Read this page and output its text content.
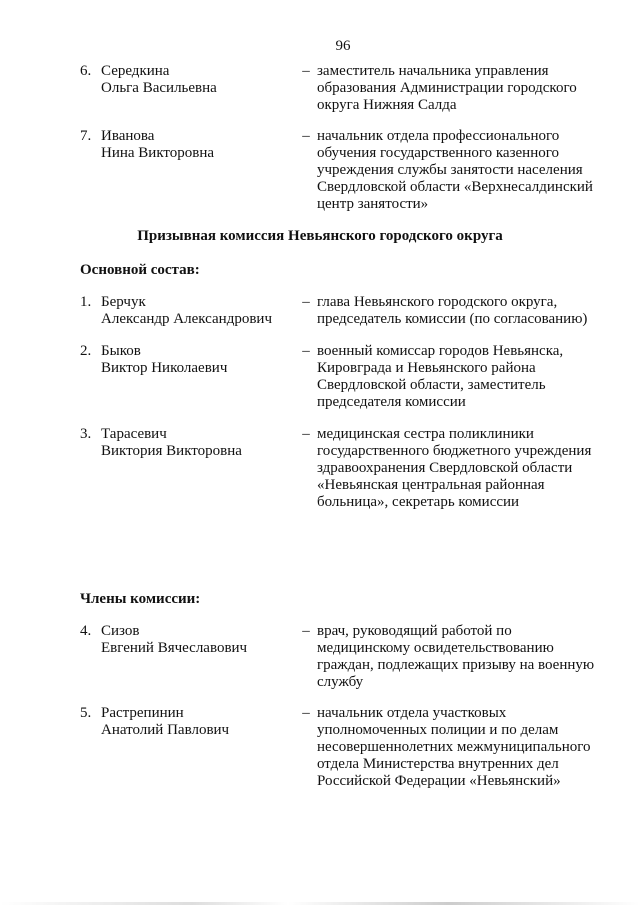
96
6. Середкина
Ольга Васильевна
– заместитель начальника управления
образования Администрации городского
округа Нижняя Салда
7. Иванова
Нина Викторовна
– начальник отдела профессионального
обучения государственного казенного
учреждения службы занятости населения
Свердловской области «Верхнесалдинский
центр занятости»
Призывная комиссия Невьянского городского округа
Основной состав:
1. Берчук
Александр Александрович
– глава Невьянского городского округа,
председатель комиссии (по согласованию)
2. Быков
Виктор Николаевич
– военный комиссар городов Невьянска,
Кировграда и Невьянского района
Свердловской области, заместитель
председателя комиссии
3. Тарасевич
Виктория Викторовна
– медицинская сестра поликлиники
государственного бюджетного учреждения
здравоохранения Свердловской области
«Невьянская центральная районная
больница», секретарь комиссии
Члены комиссии:
4. Сизов
Евгений Вячеславович
– врач, руководящий работой по
медицинскому освидетельствованию
граждан, подлежащих призыву на военную
службу
5. Растрепинин
Анатолий Павлович
– начальник отдела участковых
уполномоченных полиции и по делам
несовершеннолетних межмуниципального
отдела Министерства внутренних дел
Российской Федерации «Невьянский»
